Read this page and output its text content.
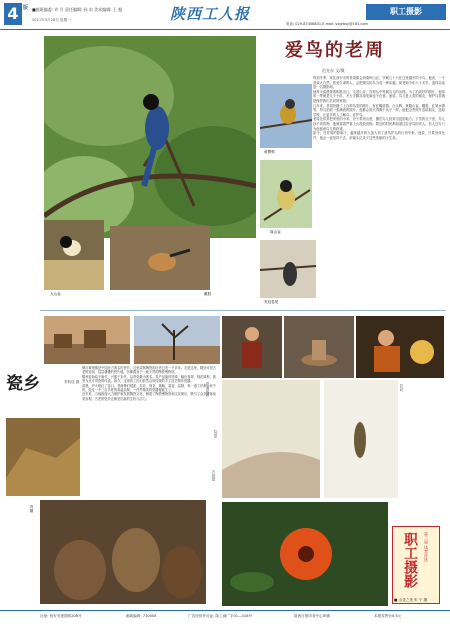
4 版 ■值班编委: 许 月 责任编辑: 孙 东 美术编辑: 王 超
2011年3月28日 星期一	陕西工人报	职工摄影
电话: 029-87456831 E-mail: sxgrbsy@163.com
黄臀鹎
煤山雀
大山雀	戴胜
发冠卷尾
爱鸟的老周
范先东 文/摄

每到冬季，家住西安市的老周都会到秦岭山区，守候几十只在这里越冬的小鸟。他说，一个喜欢大自然、热爱生命的人，会把观鸟拍鸟当成一种乐趣。周老师今年六十多岁，退休以前是一名摄影师。

他每天清晨背着相机出门，走进山谷，在树丛中等候鸟儿的出现。为了拍到好的照片，他常常一等就是几个小时，冬天手脚冻得发麻也不在意。他说，鸟儿是人类的朋友，保护鸟类就是保护我们共同的家园。

几年来，老周拍摄了上百种鸟类的照片，有红嘴蓝鹊、白头鹎、黄腹山雀、戴胜、红尾水鸲等。每当拍到一张满意的照片，他都会高兴得像个孩子一样。他把这些照片送给朋友，送给学校，让更多的人了解鸟、爱护鸟。

老周还常常把家里的小米、谷子带到山里，撒在鸟儿经常出没的地方。下雪的日子里，鸟儿找不到食物，他就冒着严寒上山投放食物。附近的村民都知道这位爱鸟的老人，有人还专门为他留意鸟儿的踪迹。

如今，在老周的影响下，越来越多的人加入到了爱鸟护鸟的行列中来。他说，只要身体允许，他会一直坚持下去，用镜头记录下这些美丽的小生灵。

瓷乡	李科选 摄

铜川黄堡镇是中国北方著名的瓷乡，这里烧制陶瓷的历史已有一千多年。走进这里，随处可见古老的窑洞、层层叠叠的瓷片墙，仿佛置身于一座天然的陶瓷博物馆。

耀州窑始烧于唐代，兴盛于宋代，以青瓷最为著名。其产品胎体坚薄、釉色青翠、刻花犀利，被誉为北方青瓷的代表。如今，这里的工匠们依然沿用传统的手工技艺制作瓷器。

清晨，炉火映红了窑口。老师傅们揉泥、拉坯、刻花、施釉、装窑、烧制，每一道工序都一丝不苟。经过一千三百多度的高温烧制，一件件精美的瓷器便诞生了。

近年来，当地政府大力保护和发展陶瓷文化，修建了陶瓷博物馆和文化街区，吸引了众多游客前来参观。古老的瓷乡正焕发出新的生机与活力。

窑洞民居
烧窑
拉坯
古窑址
瓷罐
职工摄影 第二届 读者评选
■ 山花之美 朱 宁 摄
社址: 西安市建国路208号	邮政编码: 710005	广告经营许可证: 陕工商广字01—018号	陕西日报印务中心印刷	本报零售价0.5元
